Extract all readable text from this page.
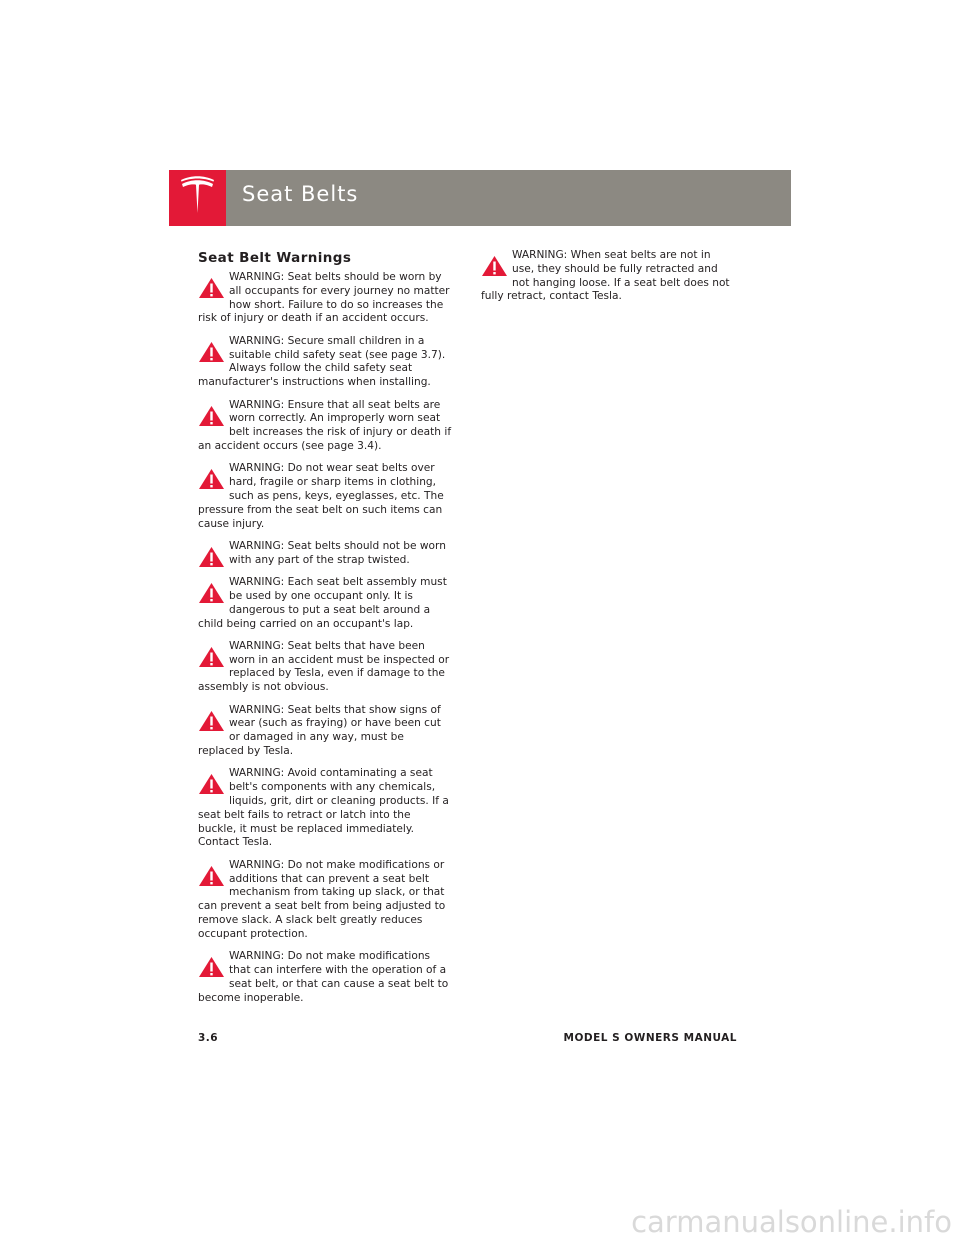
Seat Belts
Seat Belt Warnings
WARNING: Seat belts should be worn by all occupants for every journey no matter how short. Failure to do so increases the risk of injury or death if an accident occurs.
WARNING: Secure small children in a suitable child safety seat (see page 3.7). Always follow the child safety seat manufacturer's instructions when installing.
WARNING: Ensure that all seat belts are worn correctly. An improperly worn seat belt increases the risk of injury or death if an accident occurs (see page 3.4).
WARNING: Do not wear seat belts over hard, fragile or sharp items in clothing, such as pens, keys, eyeglasses, etc. The pressure from the seat belt on such items can cause injury.
WARNING: Seat belts should not be worn with any part of the strap twisted.
WARNING: Each seat belt assembly must be used by one occupant only. It is dangerous to put a seat belt around a child being carried on an occupant's lap.
WARNING: Seat belts that have been worn in an accident must be inspected or replaced by Tesla, even if damage to the assembly is not obvious.
WARNING: Seat belts that show signs of wear (such as fraying) or have been cut or damaged in any way, must be replaced by Tesla.
WARNING: Avoid contaminating a seat belt's components with any chemicals, liquids, grit, dirt or cleaning products. If a seat belt fails to retract or latch into the buckle, it must be replaced immediately. Contact Tesla.
WARNING: Do not make modifications or additions that can prevent a seat belt mechanism from taking up slack, or that can prevent a seat belt from being adjusted to remove slack. A slack belt greatly reduces occupant protection.
WARNING: Do not make modifications that can interfere with the operation of a seat belt, or that can cause a seat belt to become inoperable.
WARNING: When seat belts are not in use, they should be fully retracted and not hanging loose. If a seat belt does not fully retract, contact Tesla.
3.6	MODEL S OWNERS MANUAL
carmanualsonline.info
